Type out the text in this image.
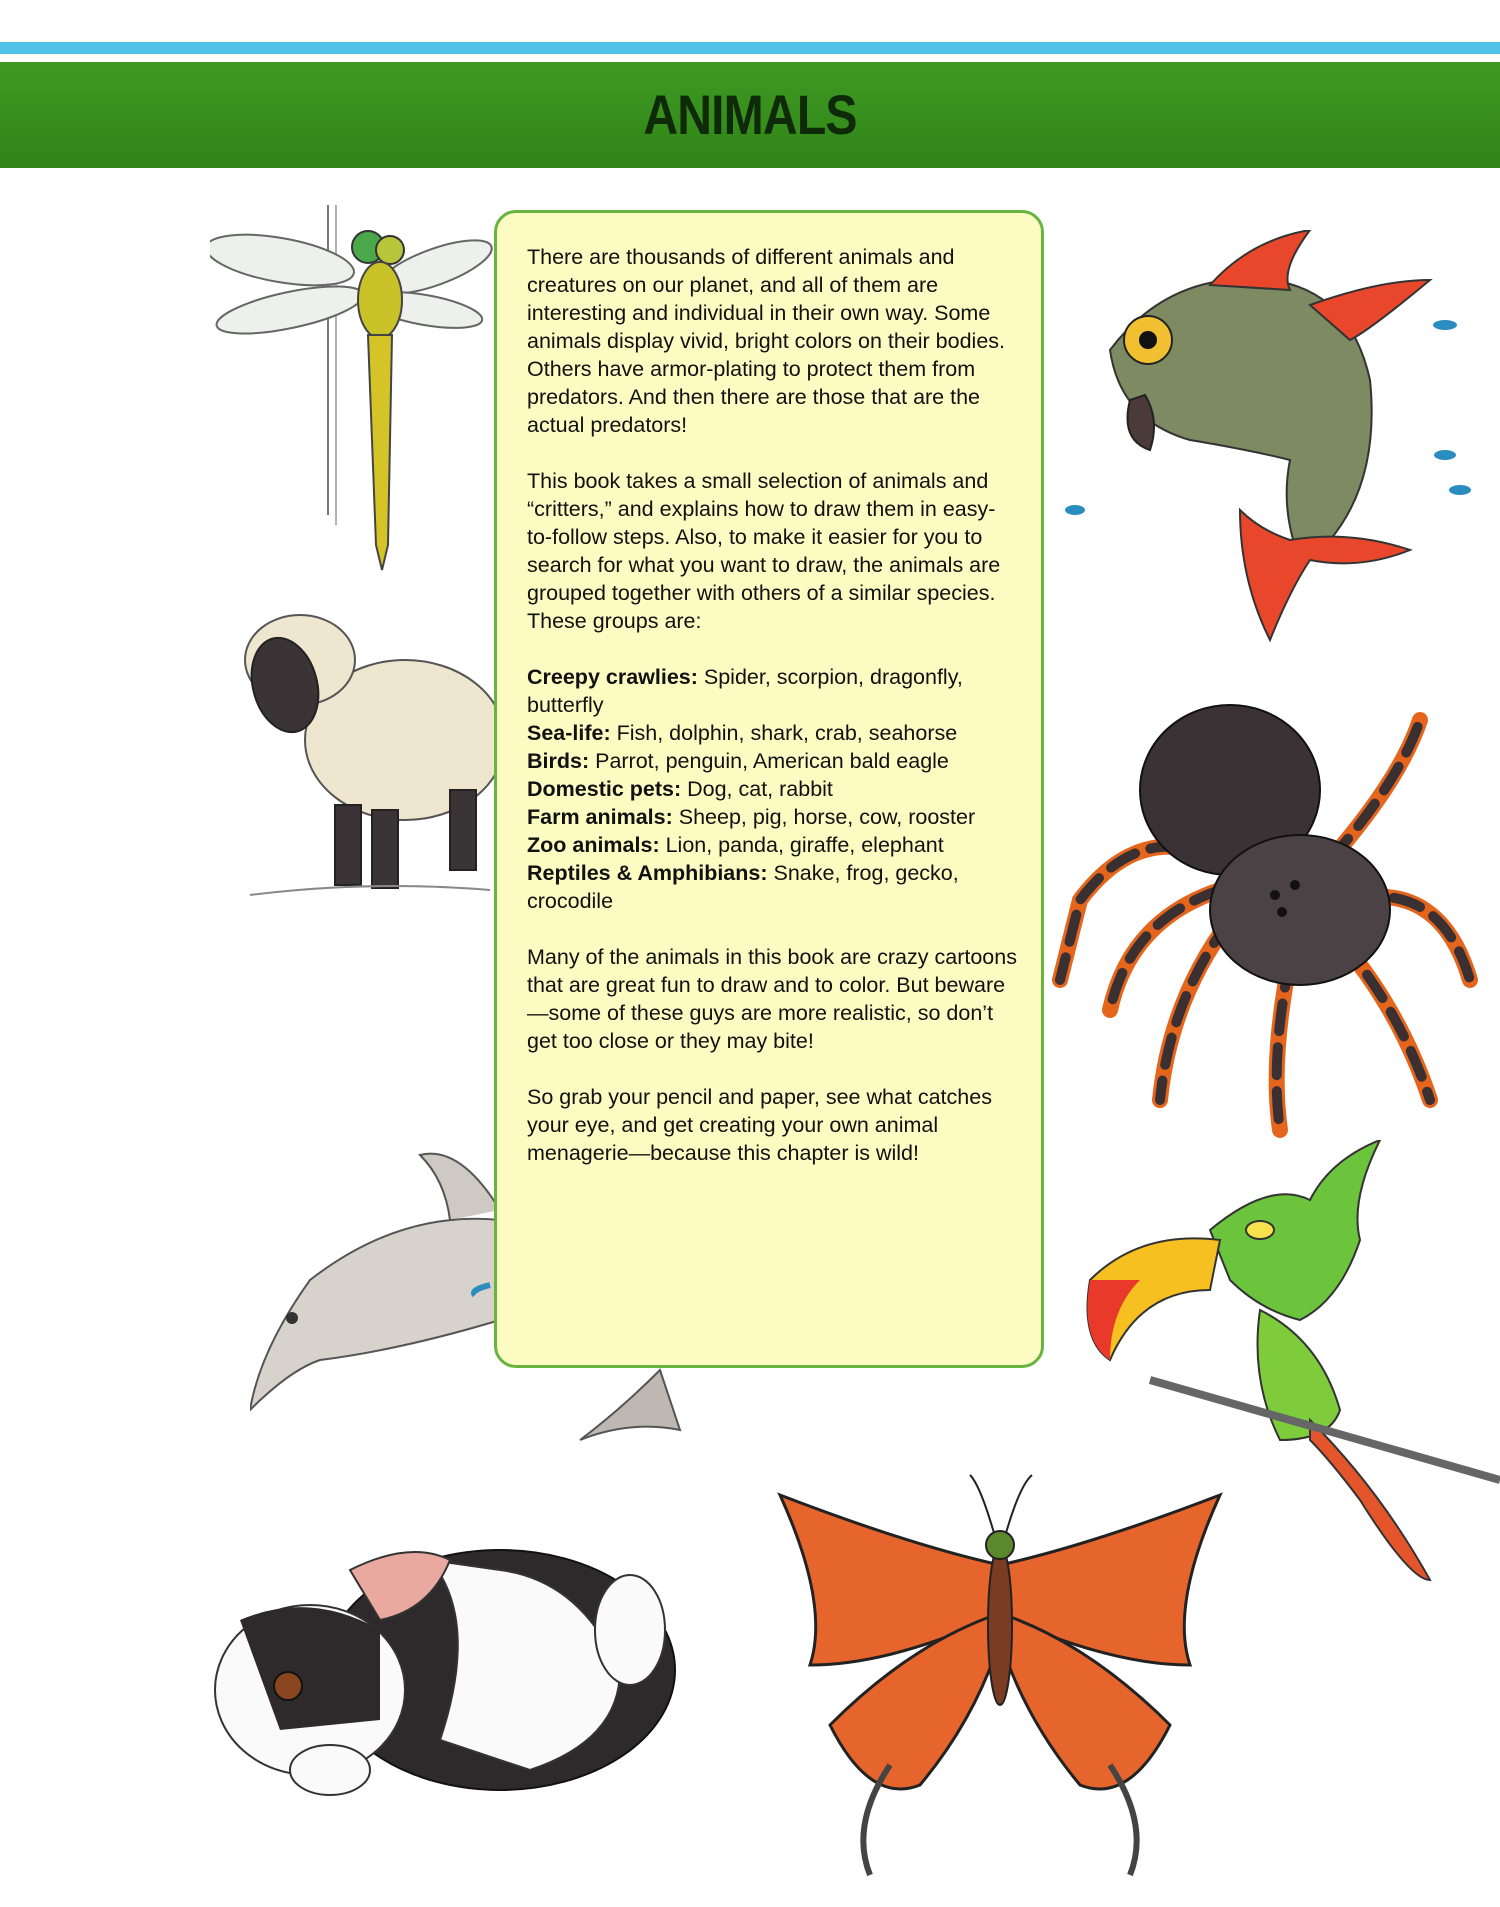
ANIMALS

There are thousands of different animals and creatures on our planet, and all of them are interesting and individual in their own way. Some animals display vivid, bright colors on their bodies. Others have armor-plating to protect them from predators. And then there are those that are the actual predators!

This book takes a small selection of animals and “critters,” and explains how to draw them in easy-to-follow steps. Also, to make it easier for you to search for what you want to draw, the animals are grouped together with others of a similar species. These groups are:

Creepy crawlies: Spider, scorpion, dragonfly, butterfly

Sea-life: Fish, dolphin, shark, crab, seahorse

Birds: Parrot, penguin, American bald eagle

Domestic pets: Dog, cat, rabbit

Farm animals: Sheep, pig, horse, cow, rooster

Zoo animals: Lion, panda, giraffe, elephant

Reptiles & Amphibians: Snake, frog, gecko, crocodile

Many of the animals in this book are crazy cartoons that are great fun to draw and to color. But beware—some of these guys are more realistic, so don’t get too close or they may bite!

So grab your pencil and paper, see what catches your eye, and get creating your own animal menagerie—because this chapter is wild!
